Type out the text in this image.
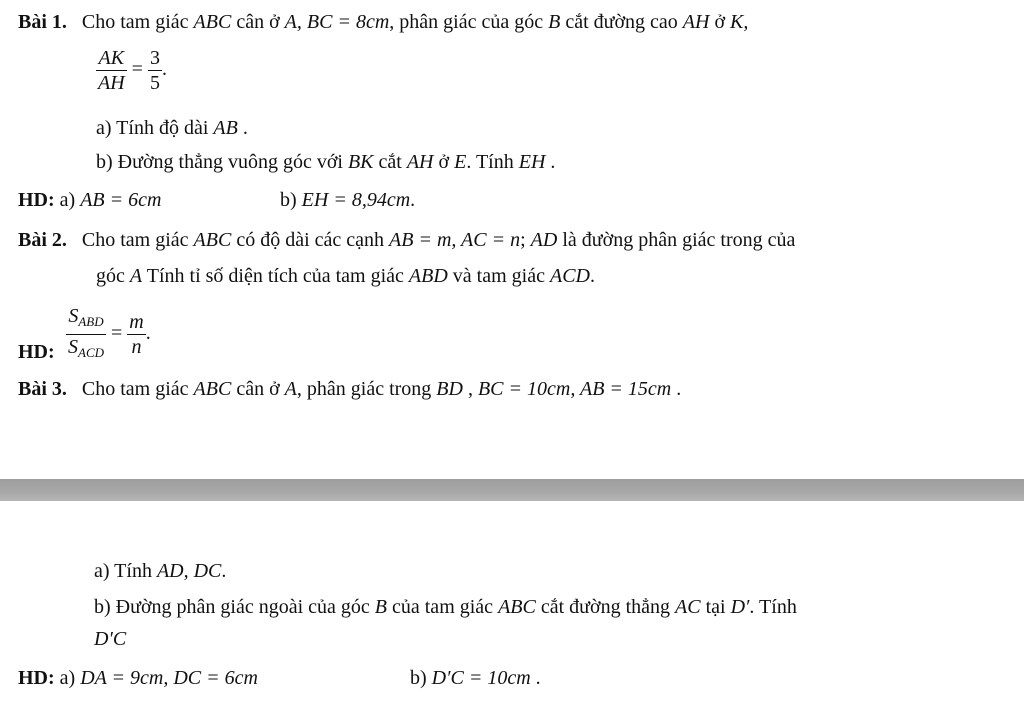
Bài 1. Cho tam giác ABC cân ở A, BC = 8cm, phân giác của góc B cắt đường cao AH ở K,
$\frac{AK}{AH} = \frac{3}{5}$ .
a) Tính độ dài AB .
b) Đường thẳng vuông góc với BK cắt AH ở E. Tính EH .
HD: a) AB = 6cm	b) EH = 8,94cm.
Bài 2. Cho tam giác ABC có độ dài các cạnh AB = m, AC = n; AD là đường phân giác trong của
góc A Tính tỉ số diện tích của tam giác ABD và tam giác ACD.
HD: $\frac{S_{ABD}}{S_{ACD}} = \frac{m}{n}$ .
Bài 3. Cho tam giác ABC cân ở A, phân giác trong BD , BC = 10cm, AB = 15cm .
a) Tính AD, DC.
b) Đường phân giác ngoài của góc B của tam giác ABC cắt đường thẳng AC tại D′. Tính
D′C
HD: a) DA = 9cm, DC = 6cm	b) D′C = 10cm .
